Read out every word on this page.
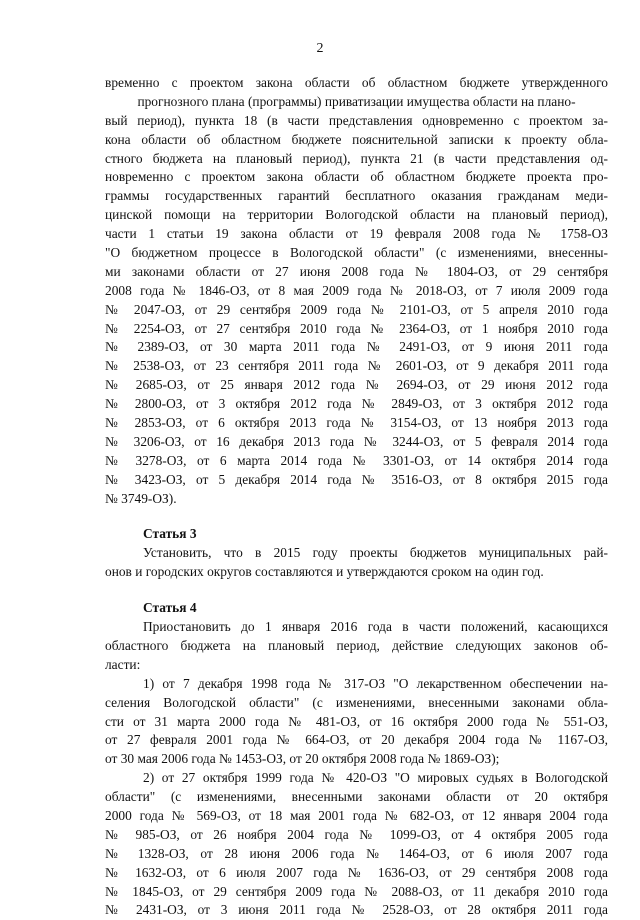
2
временно с проектом закона области об областном бюджете утвержденного
прогнозного плана (программы) приватизации имущества области на плано-
вый период), пункта 18 (в части представления одновременно с проектом за-
кона области об областном бюджете пояснительной записки к проекту обла-
стного бюджета на плановый период), пункта 21 (в части представления од-
новременно с проектом закона области об областном бюджете проекта про-
граммы государственных гарантий бесплатного оказания гражданам меди-
цинской помощи на территории Вологодской области на плановый период),
части 1 статьи 19 закона области от 19 февраля 2008 года № 1758-ОЗ
"О бюджетном процессе в Вологодской области" (с изменениями, внесенны-
ми законами области от 27 июня 2008 года № 1804-ОЗ, от 29 сентября
2008 года № 1846-ОЗ, от 8 мая 2009 года № 2018-ОЗ, от 7 июля 2009 года
№ 2047-ОЗ, от 29 сентября 2009 года № 2101-ОЗ, от 5 апреля 2010 года
№ 2254-ОЗ, от 27 сентября 2010 года № 2364-ОЗ, от 1 ноября 2010 года
№ 2389-ОЗ, от 30 марта 2011 года № 2491-ОЗ, от 9 июня 2011 года
№ 2538-ОЗ, от 23 сентября 2011 года № 2601-ОЗ, от 9 декабря 2011 года
№ 2685-ОЗ, от 25 января 2012 года № 2694-ОЗ, от 29 июня 2012 года
№ 2800-ОЗ, от 3 октября 2012 года № 2849-ОЗ, от 3 октября 2012 года
№ 2853-ОЗ, от 6 октября 2013 года № 3154-ОЗ, от 13 ноября 2013 года
№ 3206-ОЗ, от 16 декабря 2013 года № 3244-ОЗ, от 5 февраля 2014 года
№ 3278-ОЗ, от 6 марта 2014 года № 3301-ОЗ, от 14 октября 2014 года
№ 3423-ОЗ, от 5 декабря 2014 года № 3516-ОЗ, от 8 октября 2015 года
№ 3749-ОЗ).
Статья 3
Установить, что в 2015 году проекты бюджетов муниципальных рай-
онов и городских округов составляются и утверждаются сроком на один год.
Статья 4
Приостановить до 1 января 2016 года в части положений, касающихся
областного бюджета на плановый период, действие следующих законов об-
ласти:
1) от 7 декабря 1998 года № 317-ОЗ "О лекарственном обеспечении на-
селения Вологодской области" (с изменениями, внесенными законами обла-
сти от 31 марта 2000 года № 481-ОЗ, от 16 октября 2000 года № 551-ОЗ,
от 27 февраля 2001 года № 664-ОЗ, от 20 декабря 2004 года № 1167-ОЗ,
от 30 мая 2006 года № 1453-ОЗ, от 20 октября 2008 года № 1869-ОЗ);
2) от 27 октября 1999 года № 420-ОЗ "О мировых судьях в Вологодской
области" (с изменениями, внесенными законами области от 20 октября
2000 года № 569-ОЗ, от 18 мая 2001 года № 682-ОЗ, от 12 января 2004 года
№ 985-ОЗ, от 26 ноября 2004 года № 1099-ОЗ, от 4 октября 2005 года
№ 1328-ОЗ, от 28 июня 2006 года № 1464-ОЗ, от 6 июля 2007 года
№ 1632-ОЗ, от 6 июля 2007 года № 1636-ОЗ, от 29 сентября 2008 года
№ 1845-ОЗ, от 29 сентября 2009 года № 2088-ОЗ, от 11 декабря 2010 года
№ 2431-ОЗ, от 3 июня 2011 года № 2528-ОЗ, от 28 октября 2011 года
